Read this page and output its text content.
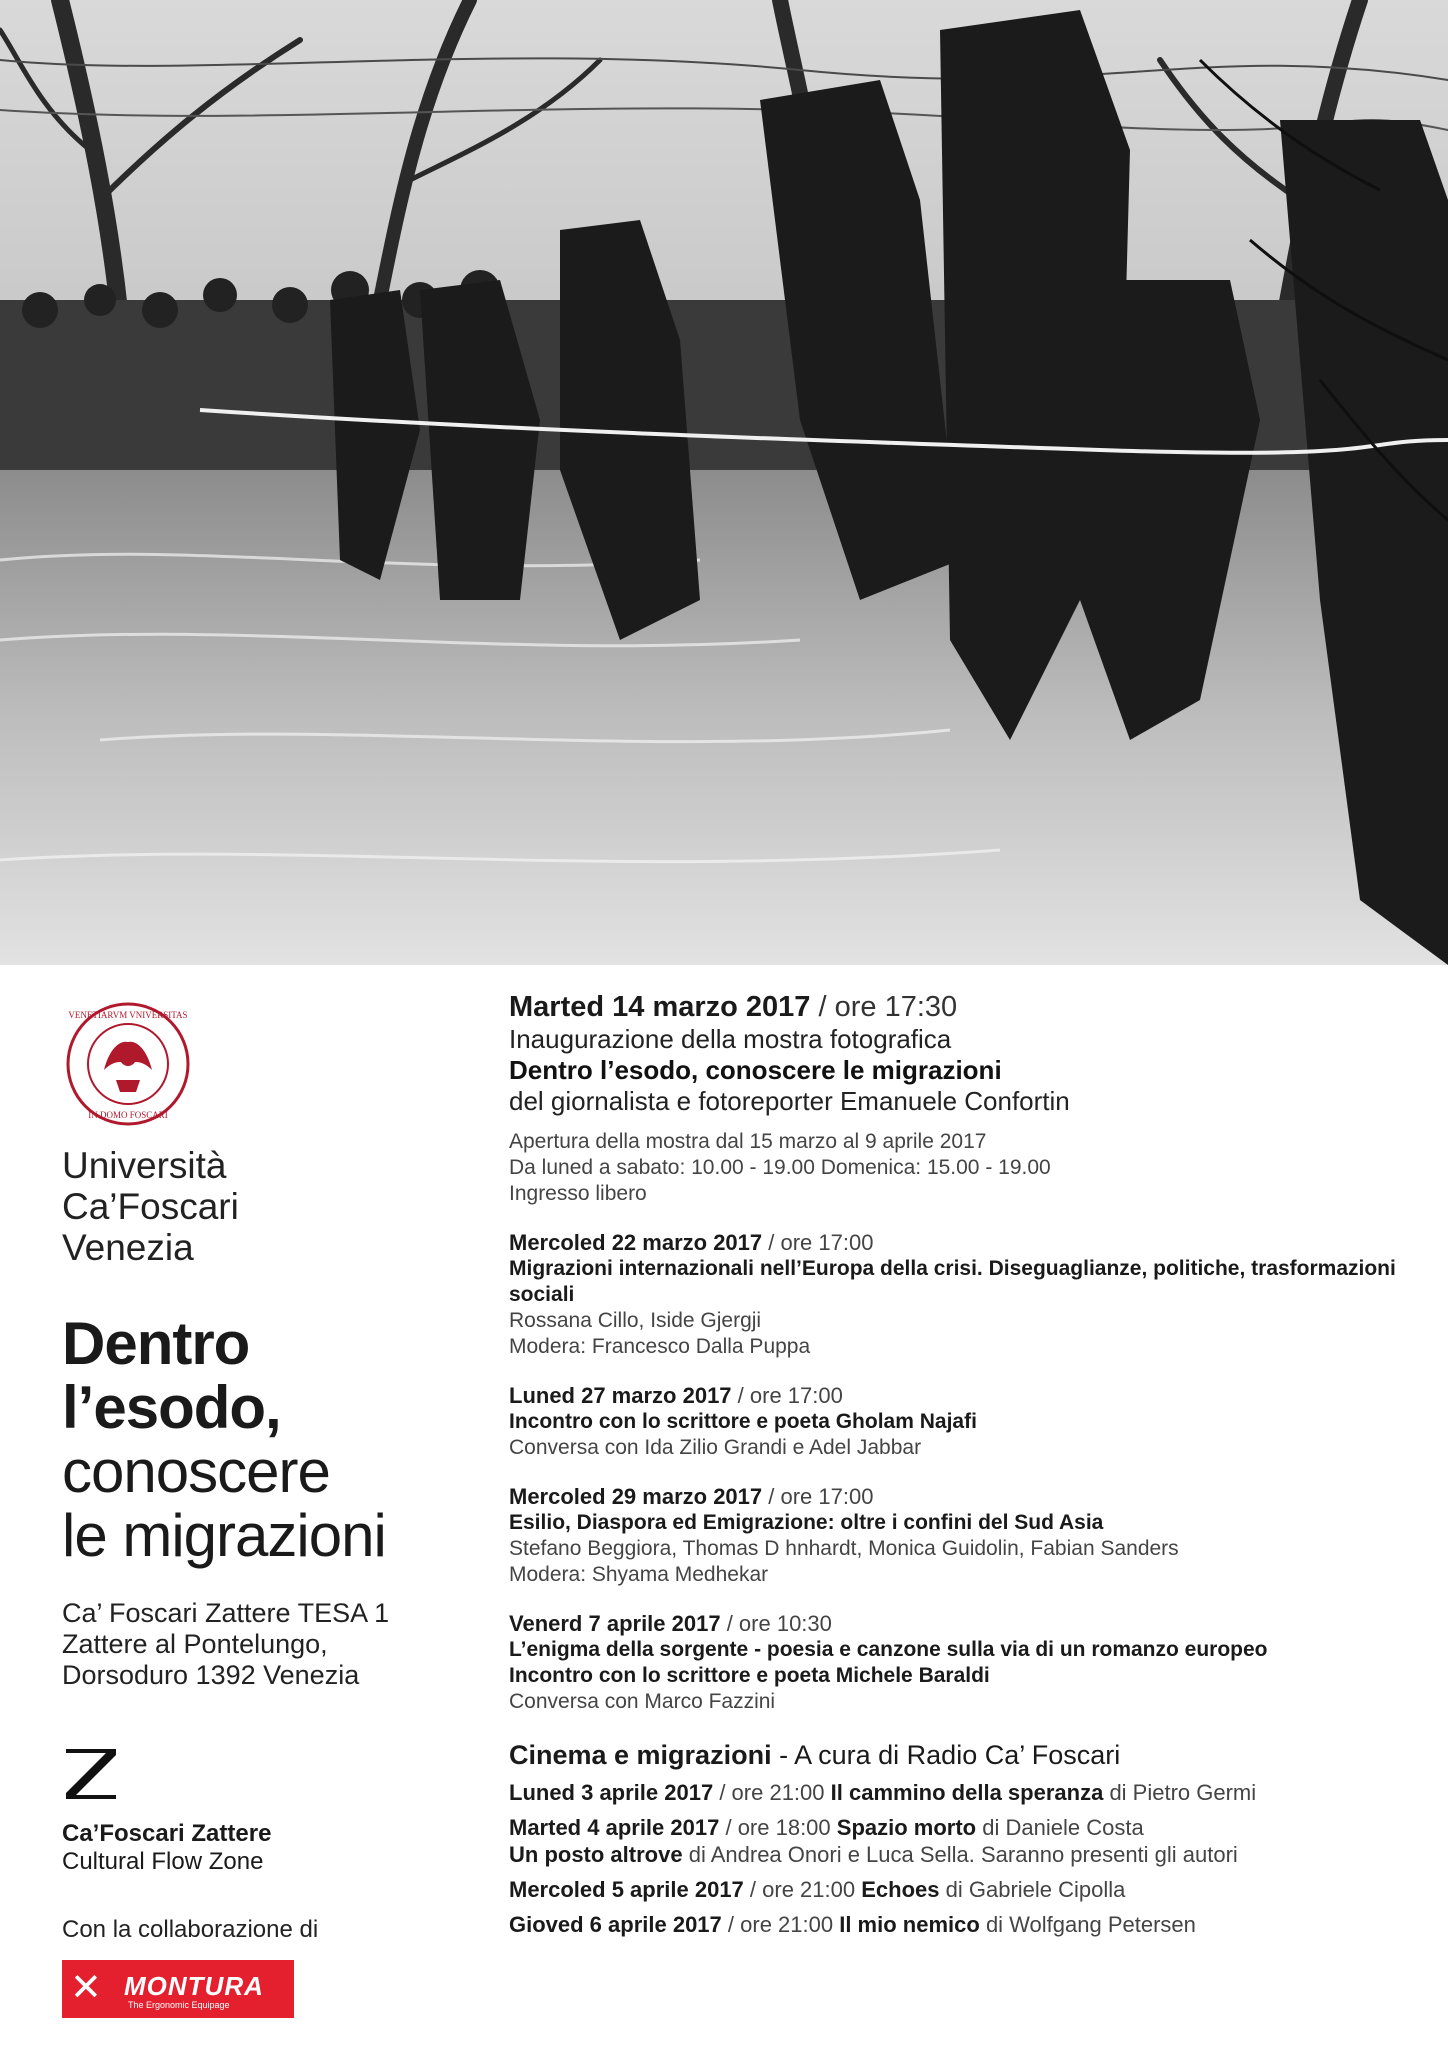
VENETIARVM VNIVERSITAS
IN DOMO FOSCARI
Università
Ca’Foscari
Venezia
Dentro
l’esodo,
conoscere
le migrazioni
Ca’ Foscari Zattere TESA 1
Zattere al Pontelungo,
Dorsoduro 1392 Venezia
Ca’Foscari Zattere
Cultural Flow Zone
Con la collaborazione di
✕ MONTURA
The Ergonomic Equipage
Marted 14 marzo 2017 / ore 17:30
Inaugurazione della mostra fotografica
Dentro l’esodo, conoscere le migrazioni
del giornalista e fotoreporter Emanuele Confortin
Apertura della mostra dal 15 marzo al 9 aprile 2017
Da luned a sabato: 10.00 - 19.00 Domenica: 15.00 - 19.00
Ingresso libero
Mercoled 22 marzo 2017 / ore 17:00
Migrazioni internazionali nell’Europa della crisi. Diseguaglianze, politiche, trasformazioni sociali
Rossana Cillo, Iside Gjergji
Modera: Francesco Dalla Puppa
Luned 27 marzo 2017 / ore 17:00
Incontro con lo scrittore e poeta Gholam Najafi
Conversa con Ida Zilio Grandi e Adel Jabbar
Mercoled 29 marzo 2017 / ore 17:00
Esilio, Diaspora ed Emigrazione: oltre i confini del Sud Asia
Stefano Beggiora, Thomas D hnhardt, Monica Guidolin, Fabian Sanders
Modera: Shyama Medhekar
Venerd 7 aprile 2017 / ore 10:30
L’enigma della sorgente - poesia e canzone sulla via di un romanzo europeo
Incontro con lo scrittore e poeta Michele Baraldi
Conversa con Marco Fazzini
Cinema e migrazioni - A cura di Radio Ca’ Foscari
Luned 3 aprile 2017 / ore 21:00 Il cammino della speranza di Pietro Germi
Marted 4 aprile 2017 / ore 18:00 Spazio morto di Daniele Costa
Un posto altrove di Andrea Onori e Luca Sella. Saranno presenti gli autori
Mercoled 5 aprile 2017 / ore 21:00 Echoes di Gabriele Cipolla
Gioved 6 aprile 2017 / ore 21:00 Il mio nemico di Wolfgang Petersen
